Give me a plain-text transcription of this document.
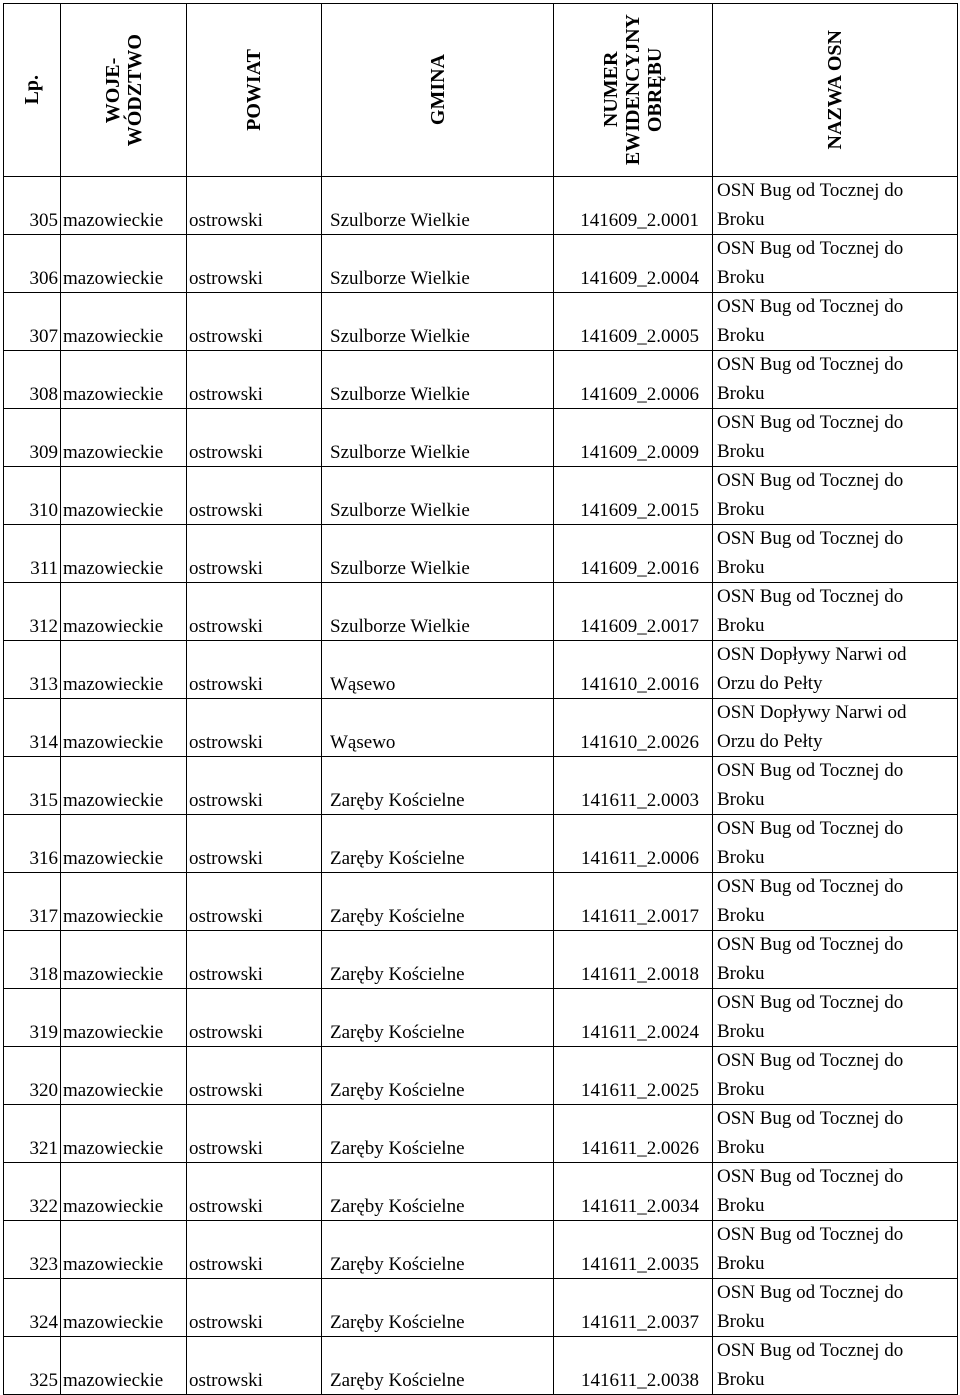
Lp.	WOJE-
WÓDZTWO	POWIAT	GMINA	NUMER
EWIDENCYJNY
OBRĘBU	NAZWA OSN

305	mazowieckie	ostrowski	Szulborze Wielkie	141609_2.0001	OSN Bug od Tocznej do
Broku

306	mazowieckie	ostrowski	Szulborze Wielkie	141609_2.0004	OSN Bug od Tocznej do
Broku

307	mazowieckie	ostrowski	Szulborze Wielkie	141609_2.0005	OSN Bug od Tocznej do
Broku

308	mazowieckie	ostrowski	Szulborze Wielkie	141609_2.0006	OSN Bug od Tocznej do
Broku

309	mazowieckie	ostrowski	Szulborze Wielkie	141609_2.0009	OSN Bug od Tocznej do
Broku

310	mazowieckie	ostrowski	Szulborze Wielkie	141609_2.0015	OSN Bug od Tocznej do
Broku

311	mazowieckie	ostrowski	Szulborze Wielkie	141609_2.0016	OSN Bug od Tocznej do
Broku

312	mazowieckie	ostrowski	Szulborze Wielkie	141609_2.0017	OSN Bug od Tocznej do
Broku

313	mazowieckie	ostrowski	Wąsewo	141610_2.0016	OSN Dopływy Narwi od
Orzu do Pełty

314	mazowieckie	ostrowski	Wąsewo	141610_2.0026	OSN Dopływy Narwi od
Orzu do Pełty

315	mazowieckie	ostrowski	Zaręby Kościelne	141611_2.0003	OSN Bug od Tocznej do
Broku

316	mazowieckie	ostrowski	Zaręby Kościelne	141611_2.0006	OSN Bug od Tocznej do
Broku

317	mazowieckie	ostrowski	Zaręby Kościelne	141611_2.0017	OSN Bug od Tocznej do
Broku

318	mazowieckie	ostrowski	Zaręby Kościelne	141611_2.0018	OSN Bug od Tocznej do
Broku

319	mazowieckie	ostrowski	Zaręby Kościelne	141611_2.0024	OSN Bug od Tocznej do
Broku

320	mazowieckie	ostrowski	Zaręby Kościelne	141611_2.0025	OSN Bug od Tocznej do
Broku

321	mazowieckie	ostrowski	Zaręby Kościelne	141611_2.0026	OSN Bug od Tocznej do
Broku

322	mazowieckie	ostrowski	Zaręby Kościelne	141611_2.0034	OSN Bug od Tocznej do
Broku

323	mazowieckie	ostrowski	Zaręby Kościelne	141611_2.0035	OSN Bug od Tocznej do
Broku

324	mazowieckie	ostrowski	Zaręby Kościelne	141611_2.0037	OSN Bug od Tocznej do
Broku

325	mazowieckie	ostrowski	Zaręby Kościelne	141611_2.0038	OSN Bug od Tocznej do
Broku
